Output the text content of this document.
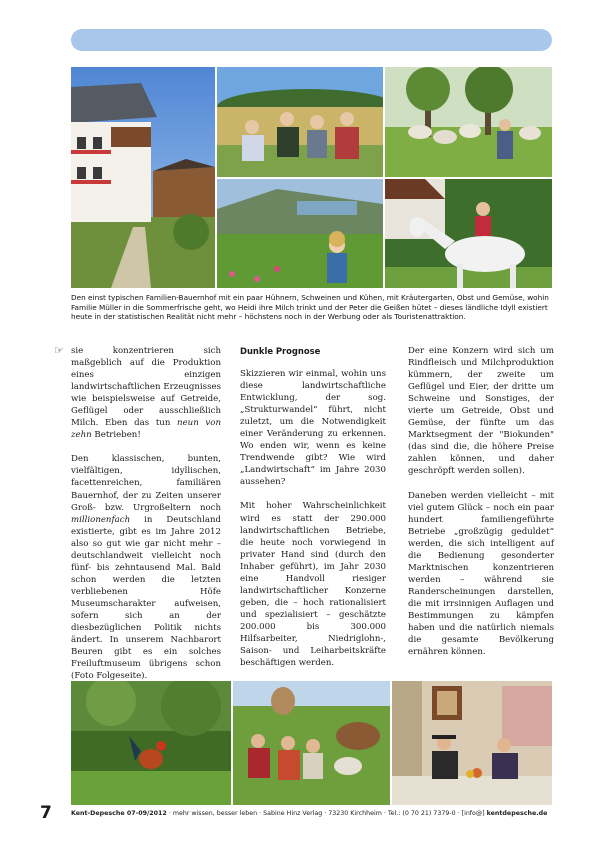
Den einst typischen Familien-Bauernhof mit ein paar Hühnern, Schweinen und Kühen, mit Kräutergarten, Obst und Gemüse, wohin Familie Müller in die Sommerfrische geht, wo Heidi ihre Milch trinkt und der Peter die Geißen hütet – dieses ländliche Idyll existiert heute in der statistischen Realität nicht mehr – höchstens noch in der Werbung oder als Touristenattraktion.
☞ sie konzentrieren sich maßgeblich auf die Produktion eines einzigen landwirtschaftlichen Erzeugnisses wie beispielsweise auf Getreide, Geflügel oder ausschließlich Milch. Eben das tun neun von zehn Betrieben!

Den klassischen, bunten, vielfältigen, idyllischen, facettenreichen, familiären Bauernhof, der zu Zeiten unserer Groß- bzw. Urgroßeltern noch millionenfach in Deutschland existierte, gibt es im Jahre 2012 also so gut wie gar nicht mehr – deutschlandweit vielleicht noch fünf- bis zehntausend Mal. Bald schon werden die letzten verbliebenen Höfe Museumscharakter aufweisen, sofern sich an der diesbezüglichen Politik nichts ändert. In unserem Nachbarort Beuren gibt es ein solches Freiluftmuseum übrigens schon (Foto Folgeseite).

Dunkle Prognose

Skizzieren wir einmal, wohin uns diese landwirtschaftliche Entwicklung, der sog. „Strukturwandel“ führt, nicht zuletzt, um die Notwendigkeit einer Veränderung zu erkennen. Wo enden wir, wenn es keine Trendwende gibt? Wie wird „Landwirtschaft“ im Jahre 2030 aussehen?

Mit hoher Wahrscheinlichkeit wird es statt der 290.000 landwirtschaftlichen Betriebe, die heute noch vorwiegend in privater Hand sind (durch den Inhaber geführt), im Jahr 2030 eine Handvoll riesiger landwirtschaftlicher Konzerne geben, die – hoch rationalisiert und spezialisiert – geschätzte 200.000 bis 300.000 Hilfsarbeiter, Niedriglohn-, Saison- und Leiharbeitskräfte beschäftigen werden.

Der eine Konzern wird sich um Rindfleisch und Milchproduktion kümmern, der zweite um Geflügel und Eier, der dritte um Schweine und Sonstiges, der vierte um Getreide, Obst und Gemüse, der fünfte um das Marktsegment der "Biokunden" (das sind die, die höhere Preise zahlen können, und daher geschröpft werden sollen).

Daneben werden vielleicht – mit viel gutem Glück – noch ein paar hundert familiengeführte Betriebe „großzügig geduldet“ werden, die sich intelligent auf die Bedienung gesonderter Marktnischen konzentrieren werden – während sie Randerscheinungen darstellen, die mit irrsinnigen Auflagen und Bestimmungen zu kämpfen haben und die natürlich niemals die gesamte Bevölkerung ernähren können.

7	Kent-Depesche 07-09/2012 · mehr wissen, besser leben · Sabine Hinz Verlag · 73230 Kirchheim · Tel.: (0 70 21) 7379-0 · [info@] kentdepesche.de
